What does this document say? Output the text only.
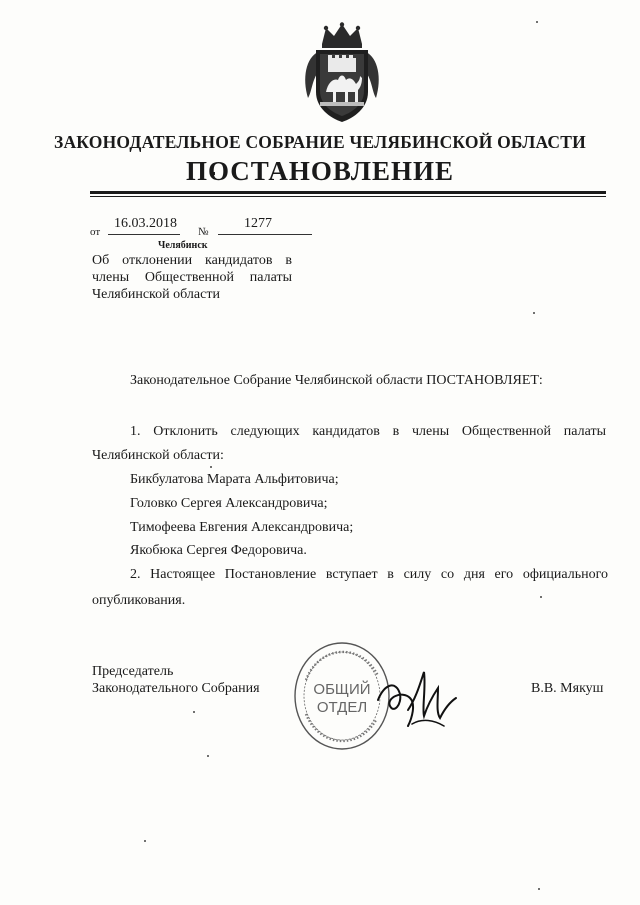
ЗАКОНОДАТЕЛЬНОЕ СОБРАНИЕ ЧЕЛЯБИНСКОЙ ОБЛАСТИ
ПОСТАНОВЛЕНИЕ
от
16.03.2018
№
1277
Челябинск
Об отклонении кандидатов в
члены Общественной палаты
Челябинской области
Законодательное Собрание Челябинской области ПОСТАНОВЛЯЕТ:
1. Отклонить следующих кандидатов в члены Общественной палаты
Челябинской области:
Бикбулатова Марата Альфитовича;
Головко Сергея Александровича;
Тимофеева Евгения Александровича;
Якобюка Сергея Федоровича.
2. Настоящее Постановление вступает в силу со дня его официального
опубликования.
Председатель
Законодательного Собрания	В.В. Мякуш
ОБЩИЙ
ОТДЕЛ
